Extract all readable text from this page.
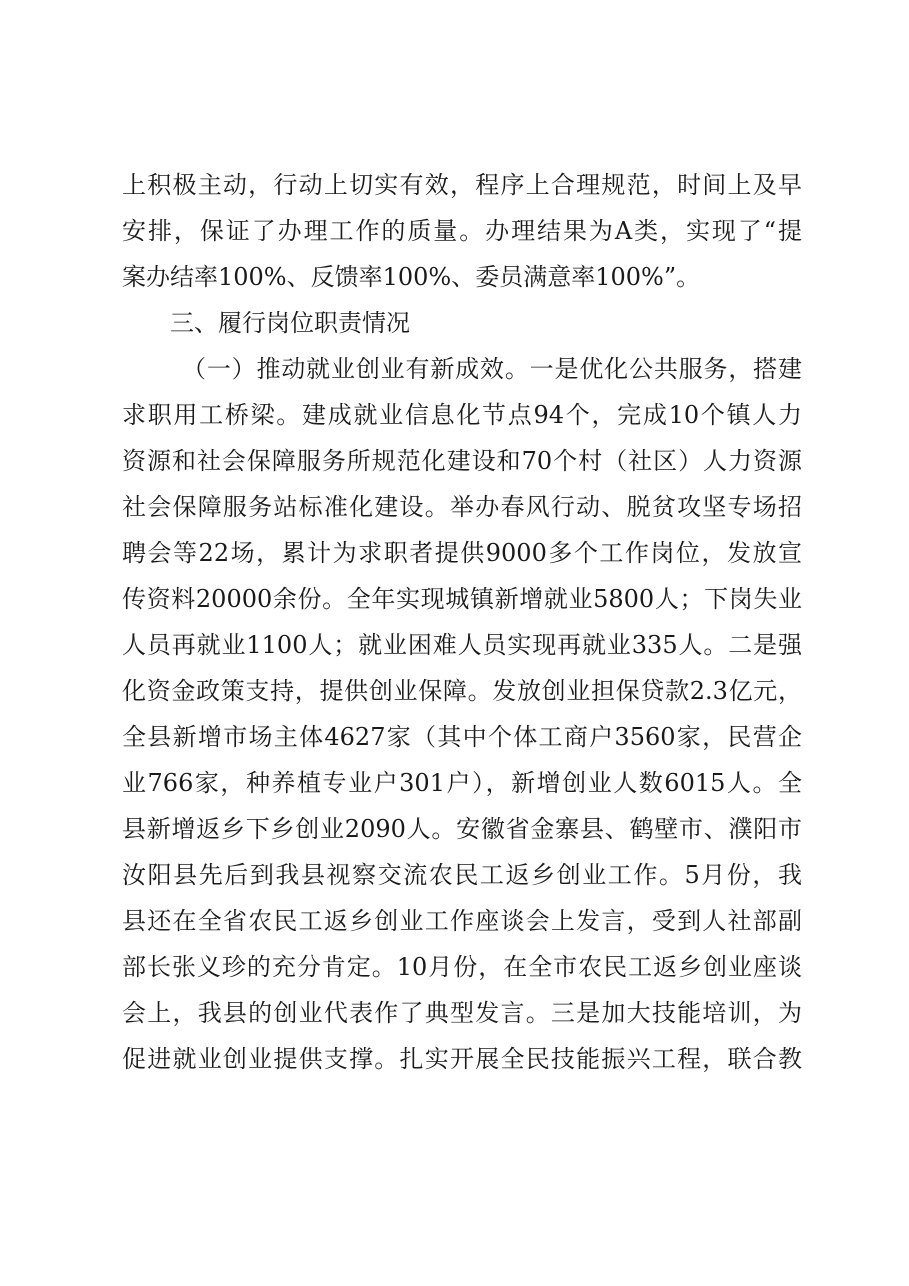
上积极主动，行动上切实有效，程序上合理规范，时间上及早
安排，保证了办理工作的质量。办理结果为A类，实现了“提
案办结率100%、反馈率100%、委员满意率100%”。
三、履行岗位职责情况
（一）推动就业创业有新成效。一是优化公共服务，搭建
求职用工桥梁。建成就业信息化节点94个，完成10个镇人力
资源和社会保障服务所规范化建设和70个村（社区）人力资源
社会保障服务站标准化建设。举办春风行动、脱贫攻坚专场招
聘会等22场，累计为求职者提供9000多个工作岗位，发放宣
传资料20000余份。全年实现城镇新增就业5800人；下岗失业
人员再就业1100人；就业困难人员实现再就业335人。二是强
化资金政策支持，提供创业保障。发放创业担保贷款2.3亿元，
全县新增市场主体4627家（其中个体工商户3560家，民营企
业766家，种养植专业户301户），新增创业人数6015人。全
县新增返乡下乡创业2090人。安徽省金寨县、鹤壁市、濮阳市
汝阳县先后到我县视察交流农民工返乡创业工作。5月份，我
县还在全省农民工返乡创业工作座谈会上发言，受到人社部副
部长张义珍的充分肯定。10月份，在全市农民工返乡创业座谈
会上，我县的创业代表作了典型发言。三是加大技能培训，为
促进就业创业提供支撑。扎实开展全民技能振兴工程，联合教
